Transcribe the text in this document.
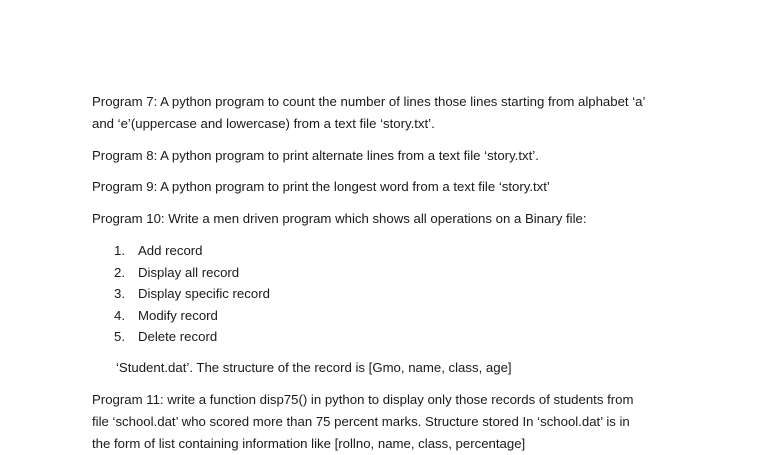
Program 7: A python program to count the number of lines those lines starting from alphabet ‘a’
and ‘e’(uppercase and lowercase) from a text file ‘story.txt’.
Program 8: A python program to print alternate lines from a text file ‘story.txt’.
Program 9: A python program to print the longest word from a text file ‘story.txt’
Program 10: Write a men driven program which shows all operations on a Binary file:
1. Add record
2. Display all record
3. Display specific record
4. Modify record
5. Delete record
‘Student.dat’. The structure of the record is [Gmo, name, class, age]
Program 11: write a function disp75() in python to display only those records of students from
file ‘school.dat’ who scored more than 75 percent marks. Structure stored In ‘school.dat’ is in
the form of list containing information like [rollno, name, class, percentage]
